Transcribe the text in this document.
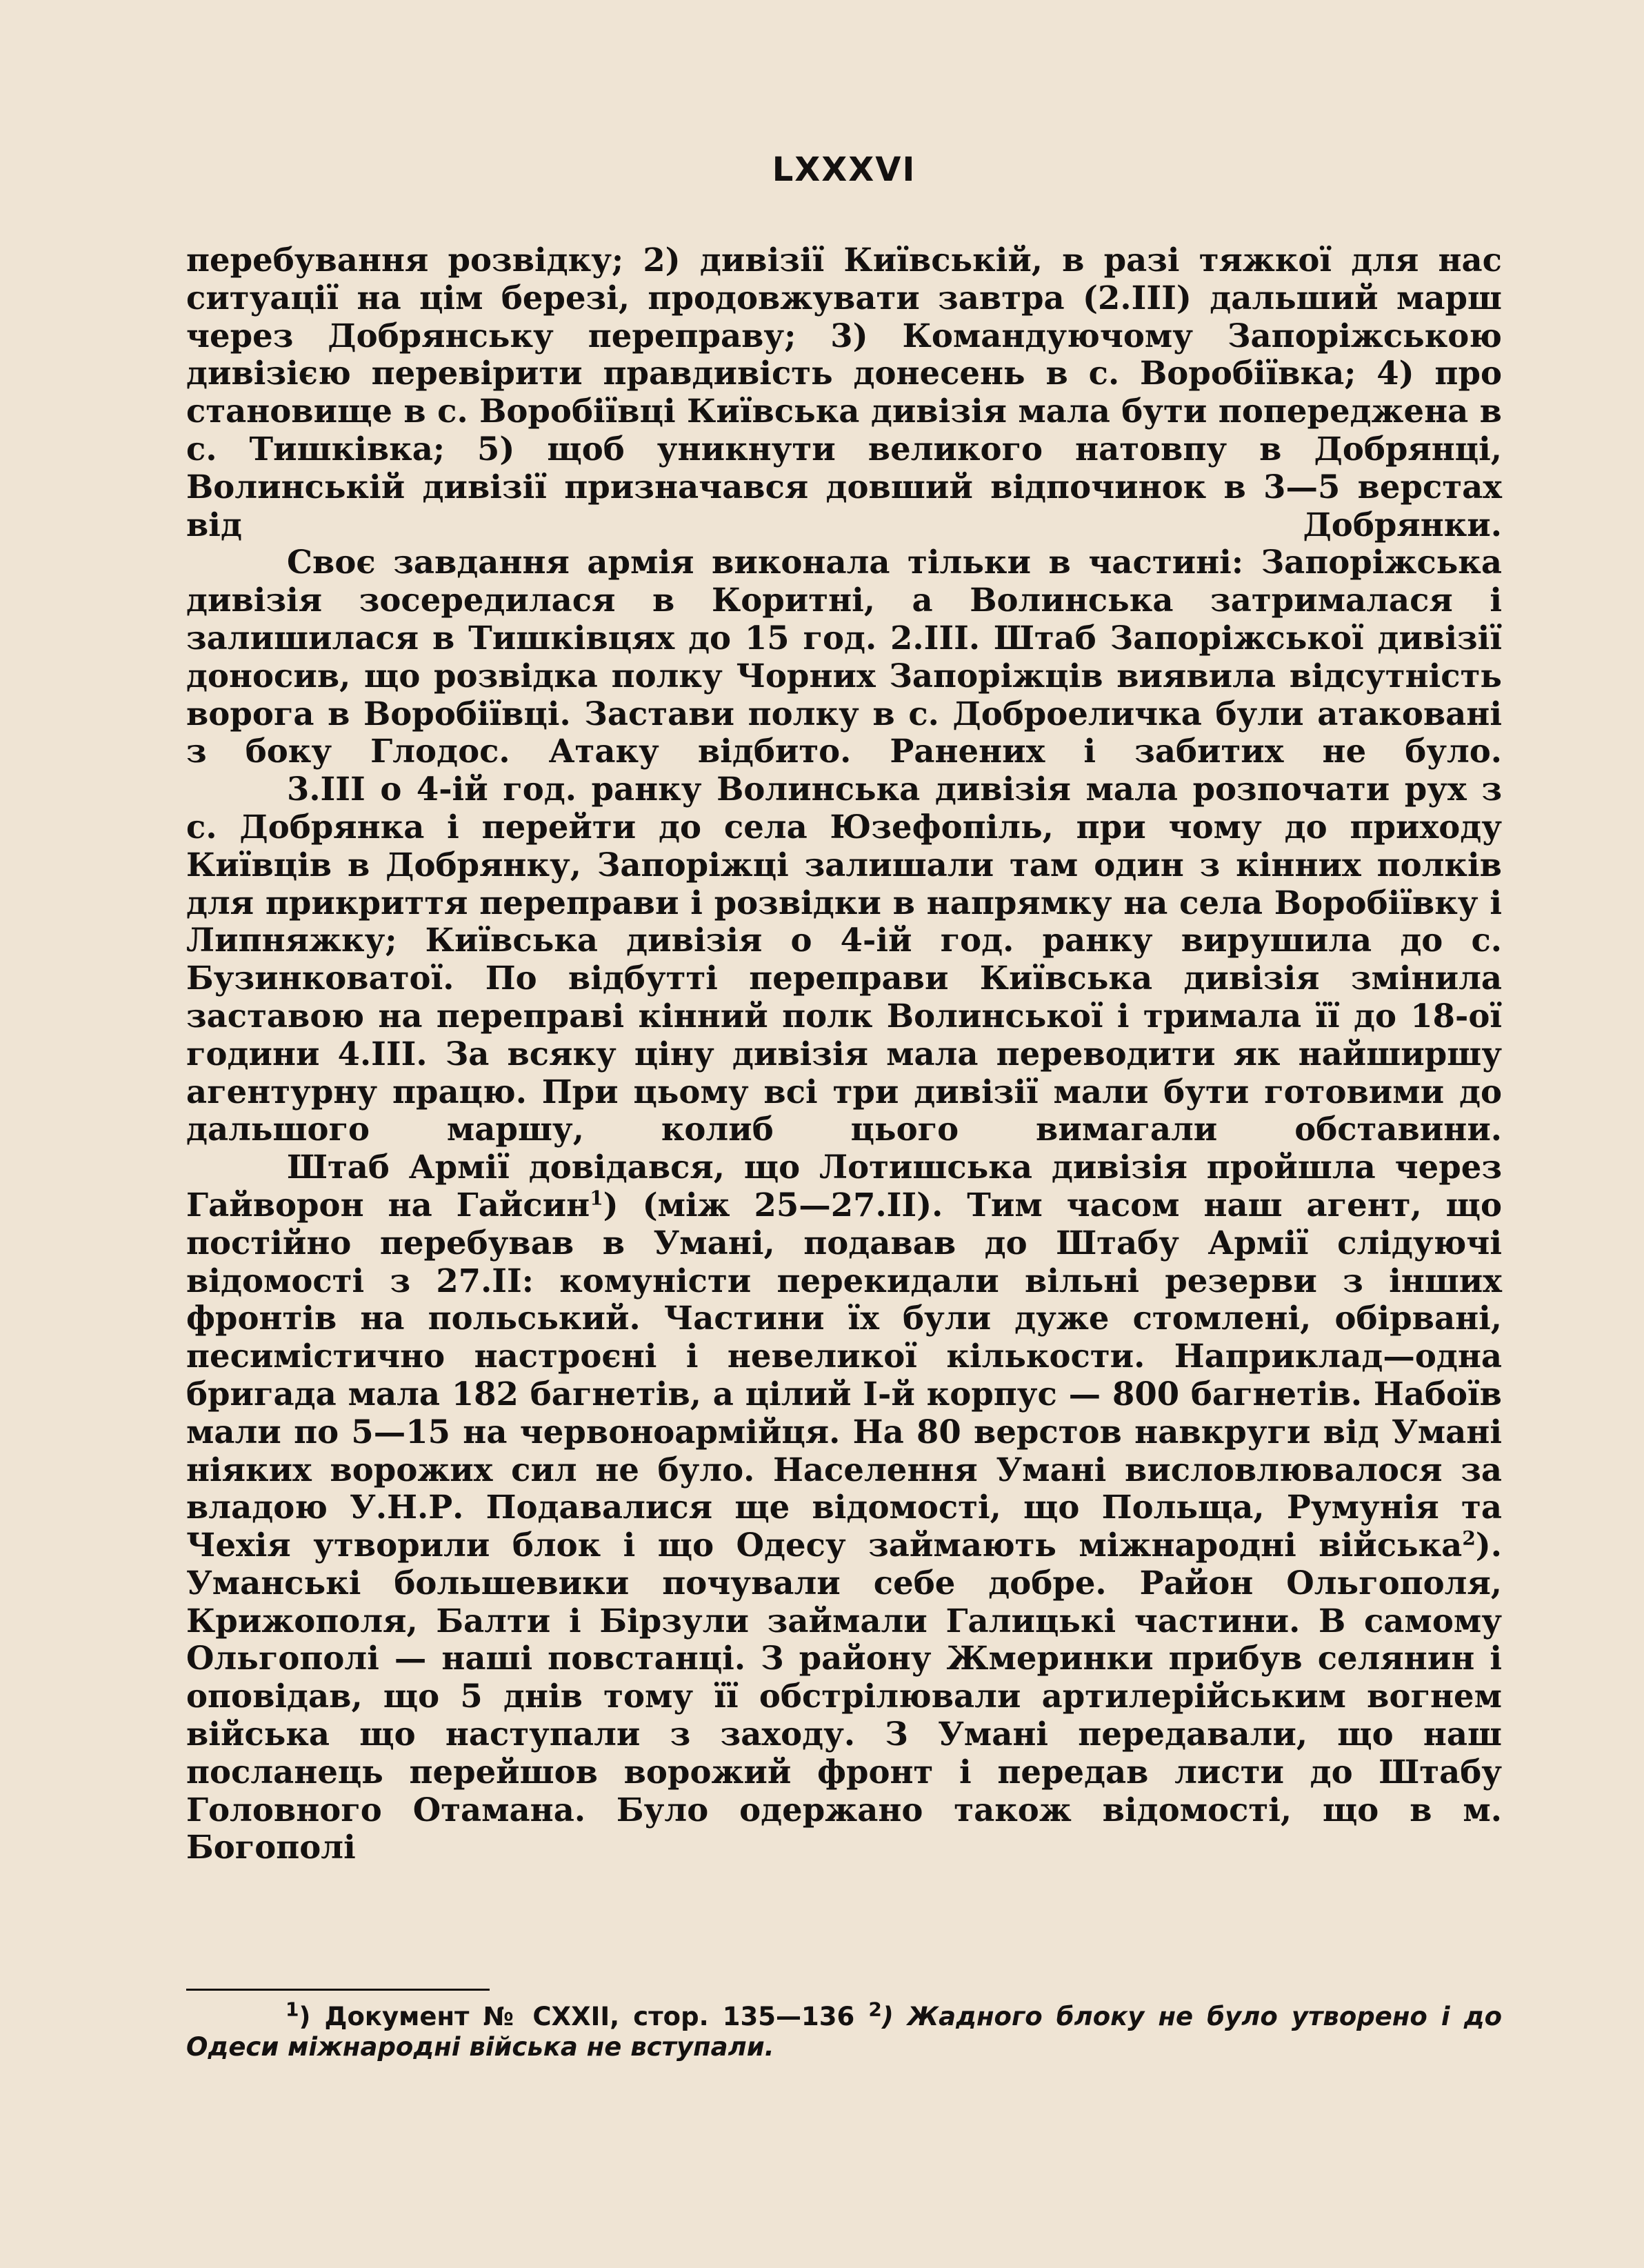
LXXXVI

перебування розвідку; 2) дивізії Київській, в разі тяжкої для нас ситуації на цім березі, продовжувати завтра (2.III) дальший марш через Добрянську переправу; 3) Командуючому Запоріжською дивізією перевірити правдивість донесень в с. Воробіївка; 4) про становище в с. Воробіївці Київська дивізія мала бути попереджена в с. Тишківка; 5) щоб уникнути великого натовпу в Добрянці, Волинській дивізії призначався довший відпочинок в 3—5 верстах від Добрянки.

Своє завдання армія виконала тільки в частині: Запоріжська дивізія зосередилася в Коритні, а Волинська затрималася і залишилася в Тишківцях до 15 год. 2.III. Штаб Запоріжської дивізії доносив, що розвідка полку Чорних Запоріжців виявила відсутність ворога в Воробіївці. Застави полку в с. Доброеличка були атаковані з боку Глодос. Атаку відбито. Ранених і забитих не було.

3.III о 4-ій год. ранку Волинська дивізія мала розпочати рух з с. Добрянка і перейти до села Юзефопіль, при чому до приходу Київців в Добрянку, Запоріжці залишали там один з кінних полків для прикриття переправи і розвідки в напрямку на села Воробіївку і Липняжку; Київська дивізія о 4-ій год. ранку вирушила до с. Бузинковатої. По відбутті переправи Київська дивізія змінила заставою на переправі кінний полк Волинської і тримала її до 18-ої години 4.III. За всяку ціну дивізія мала переводити як найширшу агентурну працю. При цьому всі три дивізії мали бути готовими до дальшого маршу, колиб цього вимагали обставини.

Штаб Армії довідався, що Лотишська дивізія пройшла через Гайворон на Гайсин$^1$) (між 25—27.II). Тим часом наш агент, що постійно перебував в Умані, подавав до Штабу Армії слідуючі відомості з 27.II: комуністи перекидали вільні резерви з інших фронтів на польський. Частини їх були дуже стомлені, обірвані, песимістично настроєні і невеликої кількости. Наприклад—одна бригада мала 182 багнетів, а цілий І-й корпус — 800 багнетів. Набоїв мали по 5—15 на червоноармійця. На 80 верстов навкруги від Умані ніяких ворожих сил не було. Населення Умані висловлювалося за владою У.Н.Р. Подавалися ще відомості, що Польща, Румунія та Чехія утворили блок і що Одесу займають міжнародні війська$^2$). Уманські большевики почували себе добре. Район Ольгополя, Крижополя, Балти і Бірзули займали Галицькі частини. В самому Ольгополі — наші повстанці. З району Жмеринки прибув селянин і оповідав, що 5 днів тому її обстрілювали артилерійським вогнем війська що наступали з заходу. З Умані передавали, що наш посланець перейшов ворожий фронт і передав листи до Штабу Головного Отамана. Було одержано також відомості, що в м. Богополі

$^1$) Документ № CXXII, стор. 135—136 $^2$) Жадного блоку не було утворено і до Одеси міжнародні війська не вступали.
